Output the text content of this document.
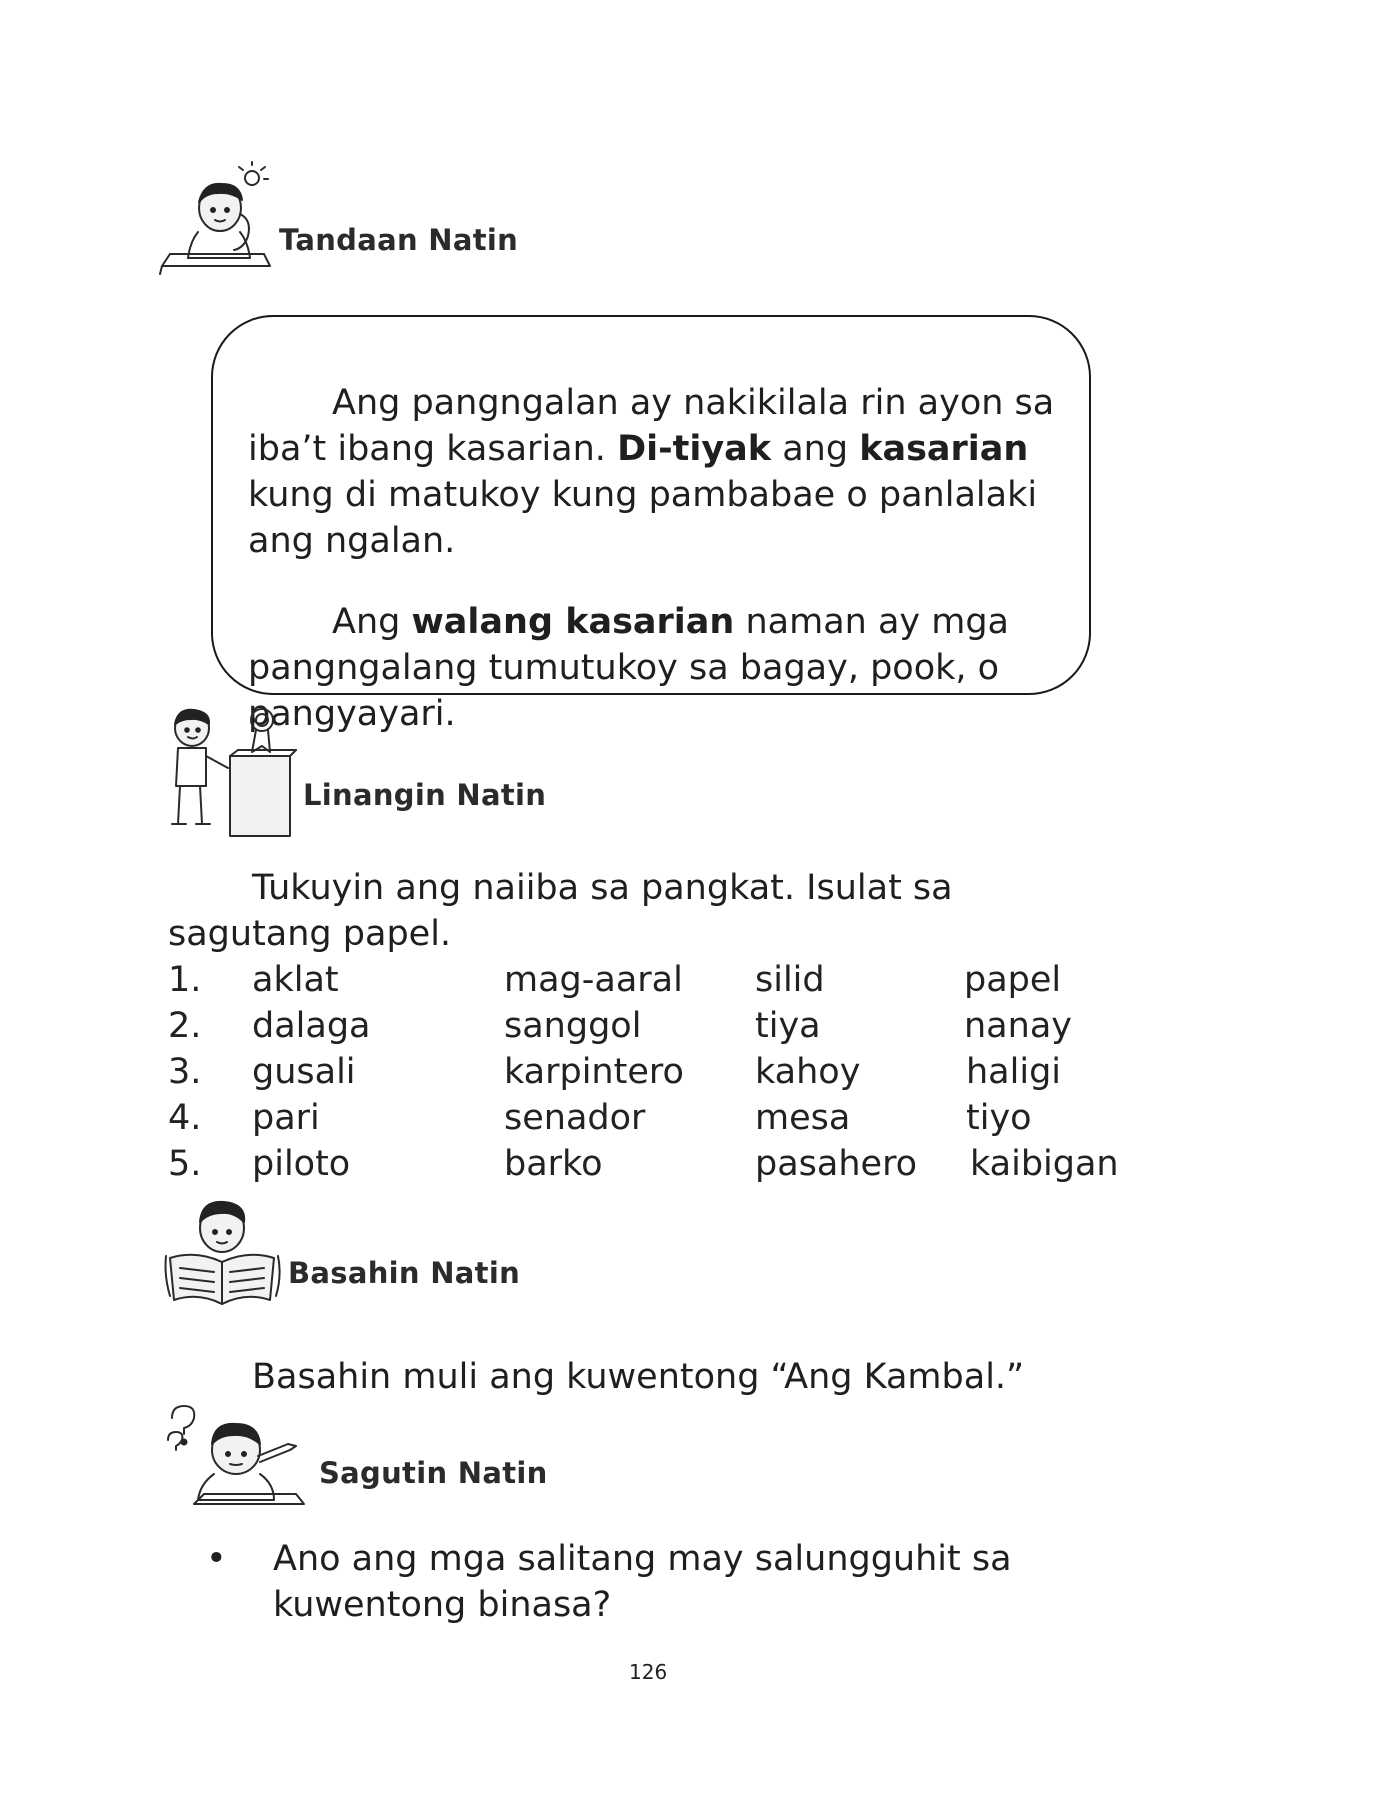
Tandaan Natin

Ang pangngalan ay nakikilala rin ayon sa iba’t ibang kasarian. Di-tiyak ang kasarian kung di matukoy kung pambabae o panlalaki ang ngalan.

Ang walang kasarian naman ay mga pangngalang tumutukoy sa bagay, pook, o pangyayari.

Linangin Natin
Tukuyin ang naiiba sa pangkat. Isulat sa
sagutang papel.
1. aklat	mag-aaral silid	papel
2. dalaga	sanggol	tiya	nanay
3. gusali	karpintero kahoy	haligi
4. pari	senador	mesa	tiyo
5. piloto	barko	pasahero kaibigan
Basahin Natin
Basahin muli ang kuwentong “Ang Kambal.”
Sagutin Natin
• Ano ang mga salitang may salungguhit sa
kuwentong binasa?
126
